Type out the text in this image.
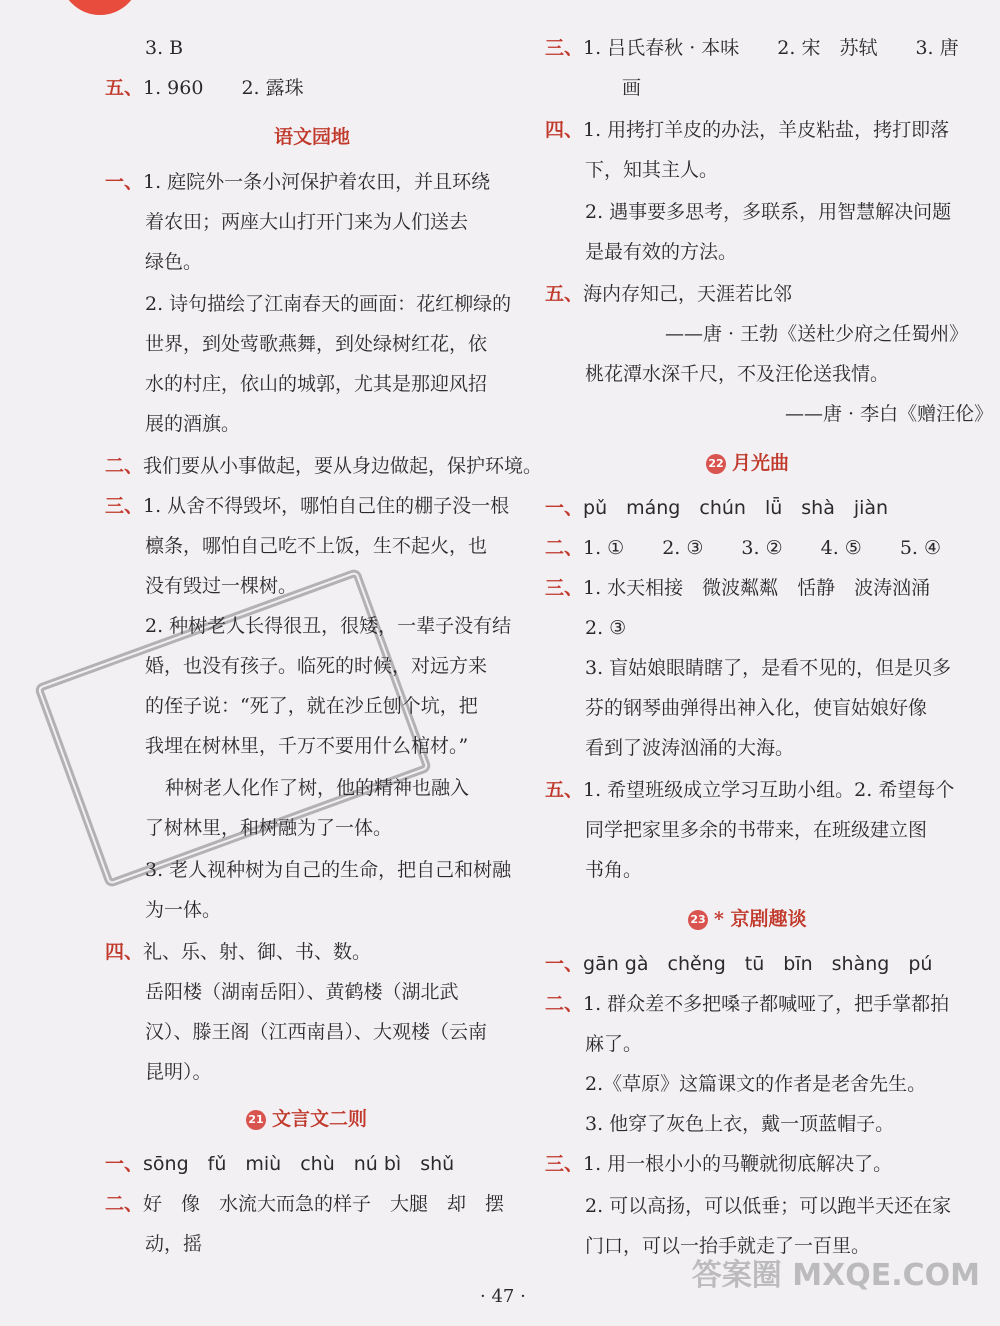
3. B
五、1. 960　　2. 露珠
语文园地
一、1. 庭院外一条小河保护着农田，并且环绕
着农田；两座大山打开门来为人们送去
绿色。
2. 诗句描绘了江南春天的画面：花红柳绿的
世界，到处莺歌燕舞，到处绿树红花，依
水的村庄，依山的城郭，尤其是那迎风招
展的酒旗。
二、我们要从小事做起，要从身边做起，保护环境。
三、1. 从舍不得毁坏，哪怕自己住的棚子没一根
檩条，哪怕自己吃不上饭，生不起火，也
没有毁过一棵树。
2. 种树老人长得很丑，很矮，一辈子没有结
婚，也没有孩子。临死的时候，对远方来
的侄子说：“死了，就在沙丘刨个坑，把
我埋在树林里，千万不要用什么棺材。”
种树老人化作了树，他的精神也融入
了树林里，和树融为了一体。
3. 老人视种树为自己的生命，把自己和树融
为一体。
四、礼、乐、射、御、书、数。
岳阳楼（湖南岳阳）、黄鹤楼（湖北武
汉）、滕王阁（江西南昌）、大观楼（云南
昆明）。
21 文言文二则
一、sōng　fǔ　miù　chù　nú bì　shǔ
二、好　像　水流大而急的样子　大腿　却　摆
动，摇
三、1. 吕氏春秋 · 本味　　2. 宋　苏轼　　3. 唐
画
四、1. 用拷打羊皮的办法，羊皮粘盐，拷打即落
下，知其主人。
2. 遇事要多思考，多联系，用智慧解决问题
是最有效的方法。
五、海内存知己，天涯若比邻
——唐 · 王勃《送杜少府之任蜀州》
桃花潭水深千尺，不及汪伦送我情。
——唐 · 李白《赠汪伦》
22 月光曲
一、pǔ　máng　chún　lǖ　shà　jiàn
二、1. ①　　2. ③　　3. ②　　4. ⑤　　5. ④
三、1. 水天相接　微波粼粼　恬静　波涛汹涌
2. ③
3. 盲姑娘眼睛瞎了，是看不见的，但是贝多
芬的钢琴曲弹得出神入化，使盲姑娘好像
看到了波涛汹涌的大海。
五、1. 希望班级成立学习互助小组。2. 希望每个
同学把家里多余的书带来，在班级建立图
书角。
23 * 京剧趣谈
一、gān gà　chěng　tū　bīn　shàng　pú
二、1. 群众差不多把嗓子都喊哑了，把手掌都拍
麻了。
2.《草原》这篇课文的作者是老舍先生。
3. 他穿了灰色上衣，戴一顶蓝帽子。
三、1. 用一根小小的马鞭就彻底解决了。
2. 可以高扬，可以低垂；可以跑半天还在家
门口，可以一抬手就走了一百里。
· 47 ·
答案圈 MXQE.COM
